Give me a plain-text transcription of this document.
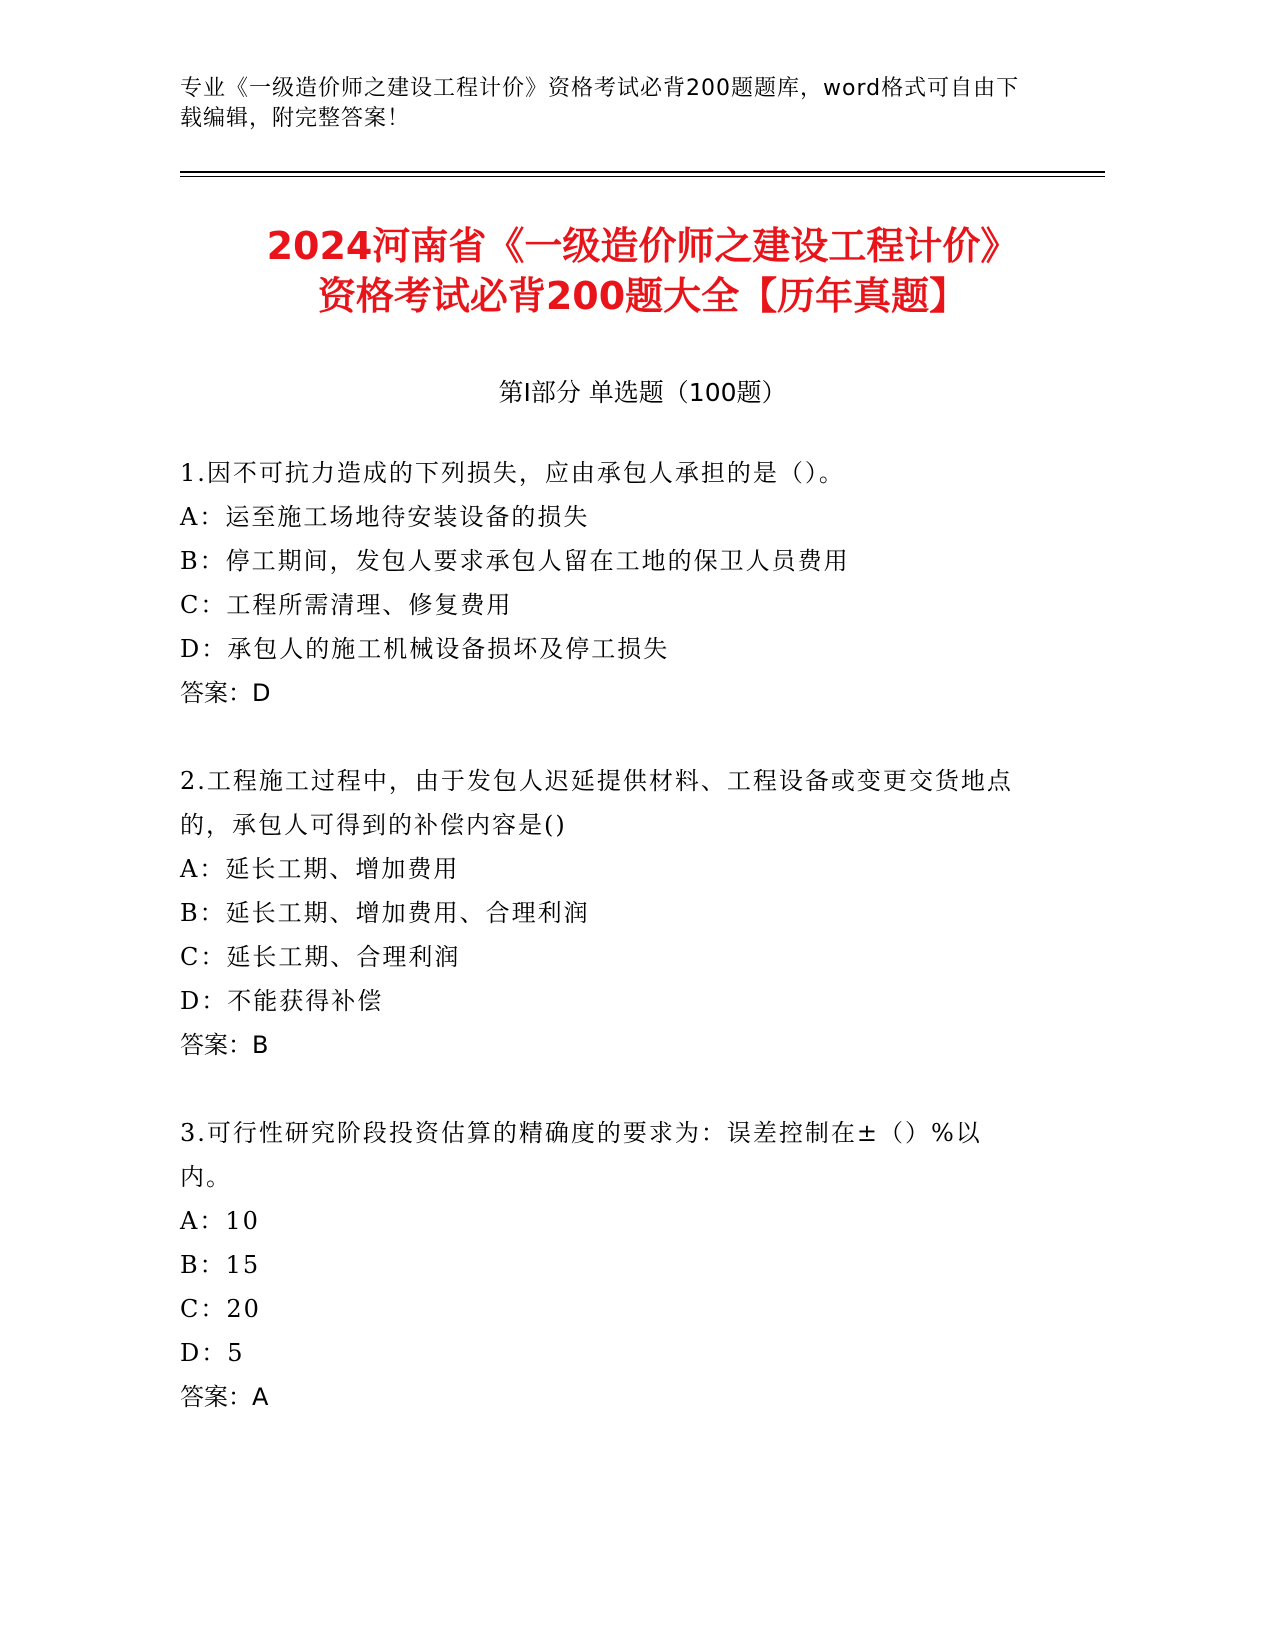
专业《一级造价师之建设工程计价》资格考试必背200题题库，word格式可自由下载编辑，附完整答案！
2024河南省《一级造价师之建设工程计价》
资格考试必背200题大全【历年真题】
第Ⅰ部分 单选题（100题）
1.因不可抗力造成的下列损失，应由承包人承担的是（）。
A：运至施工场地待安装设备的损失
B：停工期间，发包人要求承包人留在工地的保卫人员费用
C：工程所需清理、修复费用
D：承包人的施工机械设备损坏及停工损失
答案：D
2.工程施工过程中，由于发包人迟延提供材料、工程设备或变更交货地点的，承包人可得到的补偿内容是()
A：延长工期、增加费用
B：延长工期、增加费用、合理利润
C：延长工期、合理利润
D：不能获得补偿
答案：B
3.可行性研究阶段投资估算的精确度的要求为：误差控制在±（）%以内。
A：10
B：15
C：20
D：5
答案：A
